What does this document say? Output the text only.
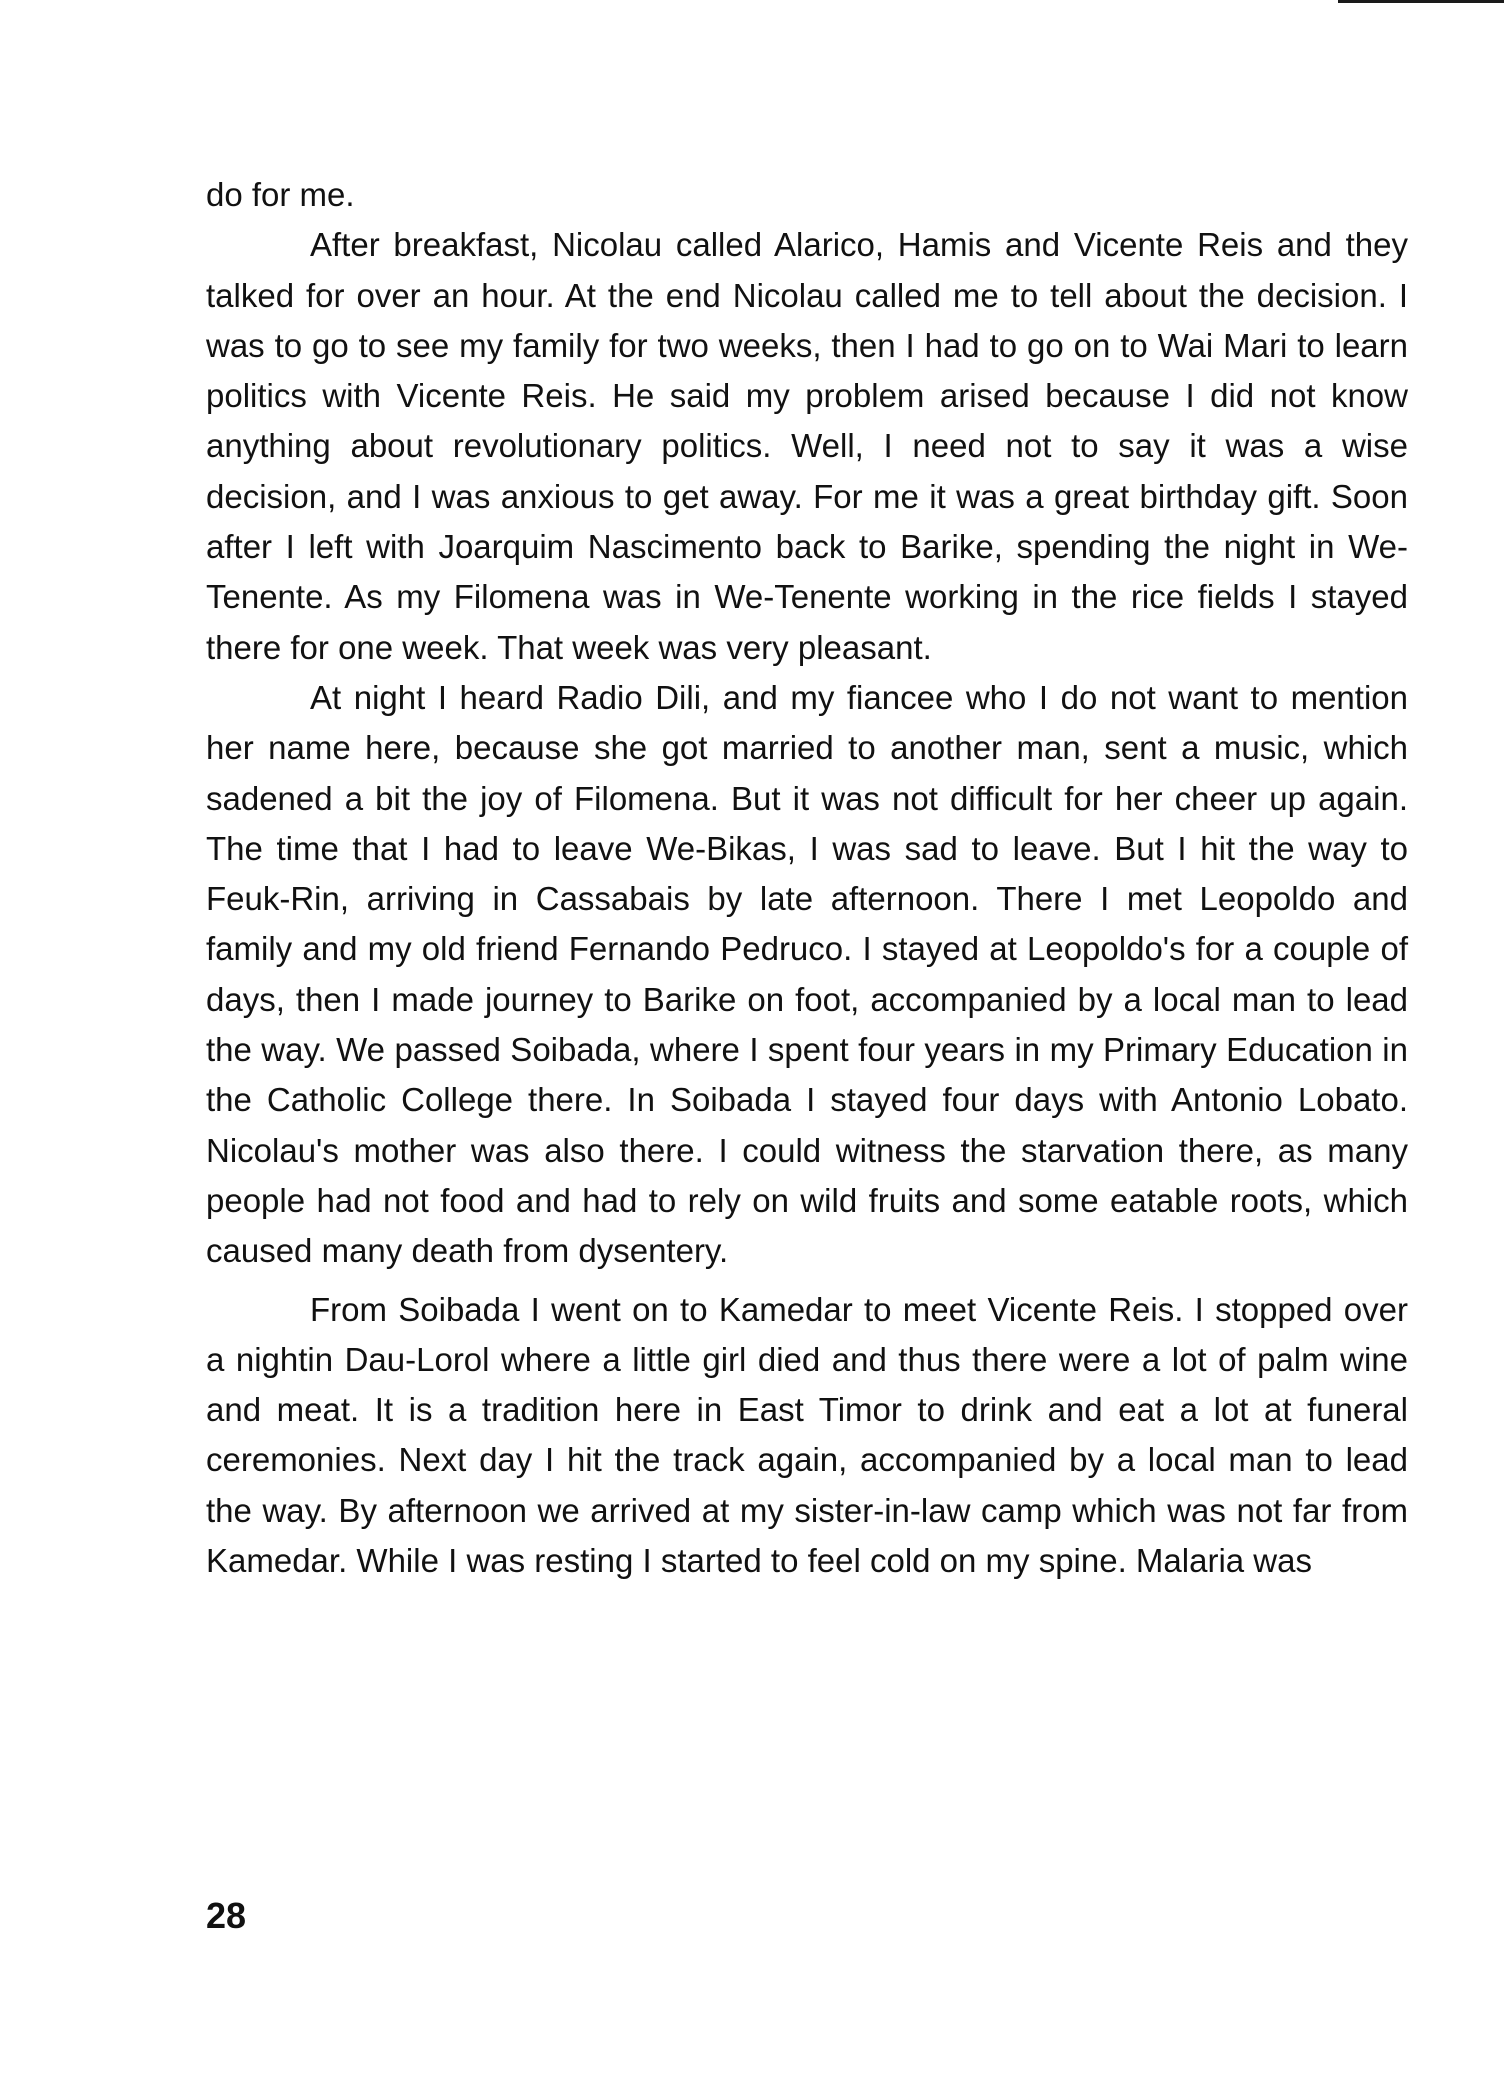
do for me.

After breakfast, Nicolau called Alarico, Hamis and Vicente Reis and they talked for over an hour. At the end Nicolau called me to tell about the decision. I was to go to see my family for two weeks, then I had to go on to Wai Mari to learn politics with Vicente Reis. He said my problem arised because I did not know anything about revolutionary politics. Well, I need not to say it was a wise decision, and I was anxious to get away. For me it was a great birthday gift. Soon after I left with Joarquim Nascimento back to Barike, spending the night in We-Tenente. As my Filomena was in We-Tenente working in the rice fields I stayed there for one week. That week was very pleasant.

At night I heard Radio Dili, and my fiancee who I do not want to mention her name here, because she got married to another man, sent a music, which sadened a bit the joy of Filomena. But it was not difficult for her cheer up again. The time that I had to leave We-Bikas, I was sad to leave. But I hit the way to Feuk-Rin, arriving in Cassabais by late afternoon. There I met Leopoldo and family and my old friend Fernando Pedruco. I stayed at Leopoldo's for a couple of days, then I made journey to Barike on foot, accompanied by a local man to lead the way. We passed Soibada, where I spent four years in my Primary Education in the Catholic College there. In Soibada I stayed four days with Antonio Lobato. Nicolau's mother was also there. I could witness the starvation there, as many people had not food and had to rely on wild fruits and some eatable roots, which caused many death from dysentery.

From Soibada I went on to Kamedar to meet Vicente Reis. I stopped over a nightin Dau-Lorol where a little girl died and thus there were a lot of palm wine and meat. It is a tradition here in East Timor to drink and eat a lot at funeral ceremonies. Next day I hit the track again, accompanied by a local man to lead the way. By afternoon we arrived at my sister-in-law camp which was not far from Kamedar. While I was resting I started to feel cold on my spine. Malaria was

28
